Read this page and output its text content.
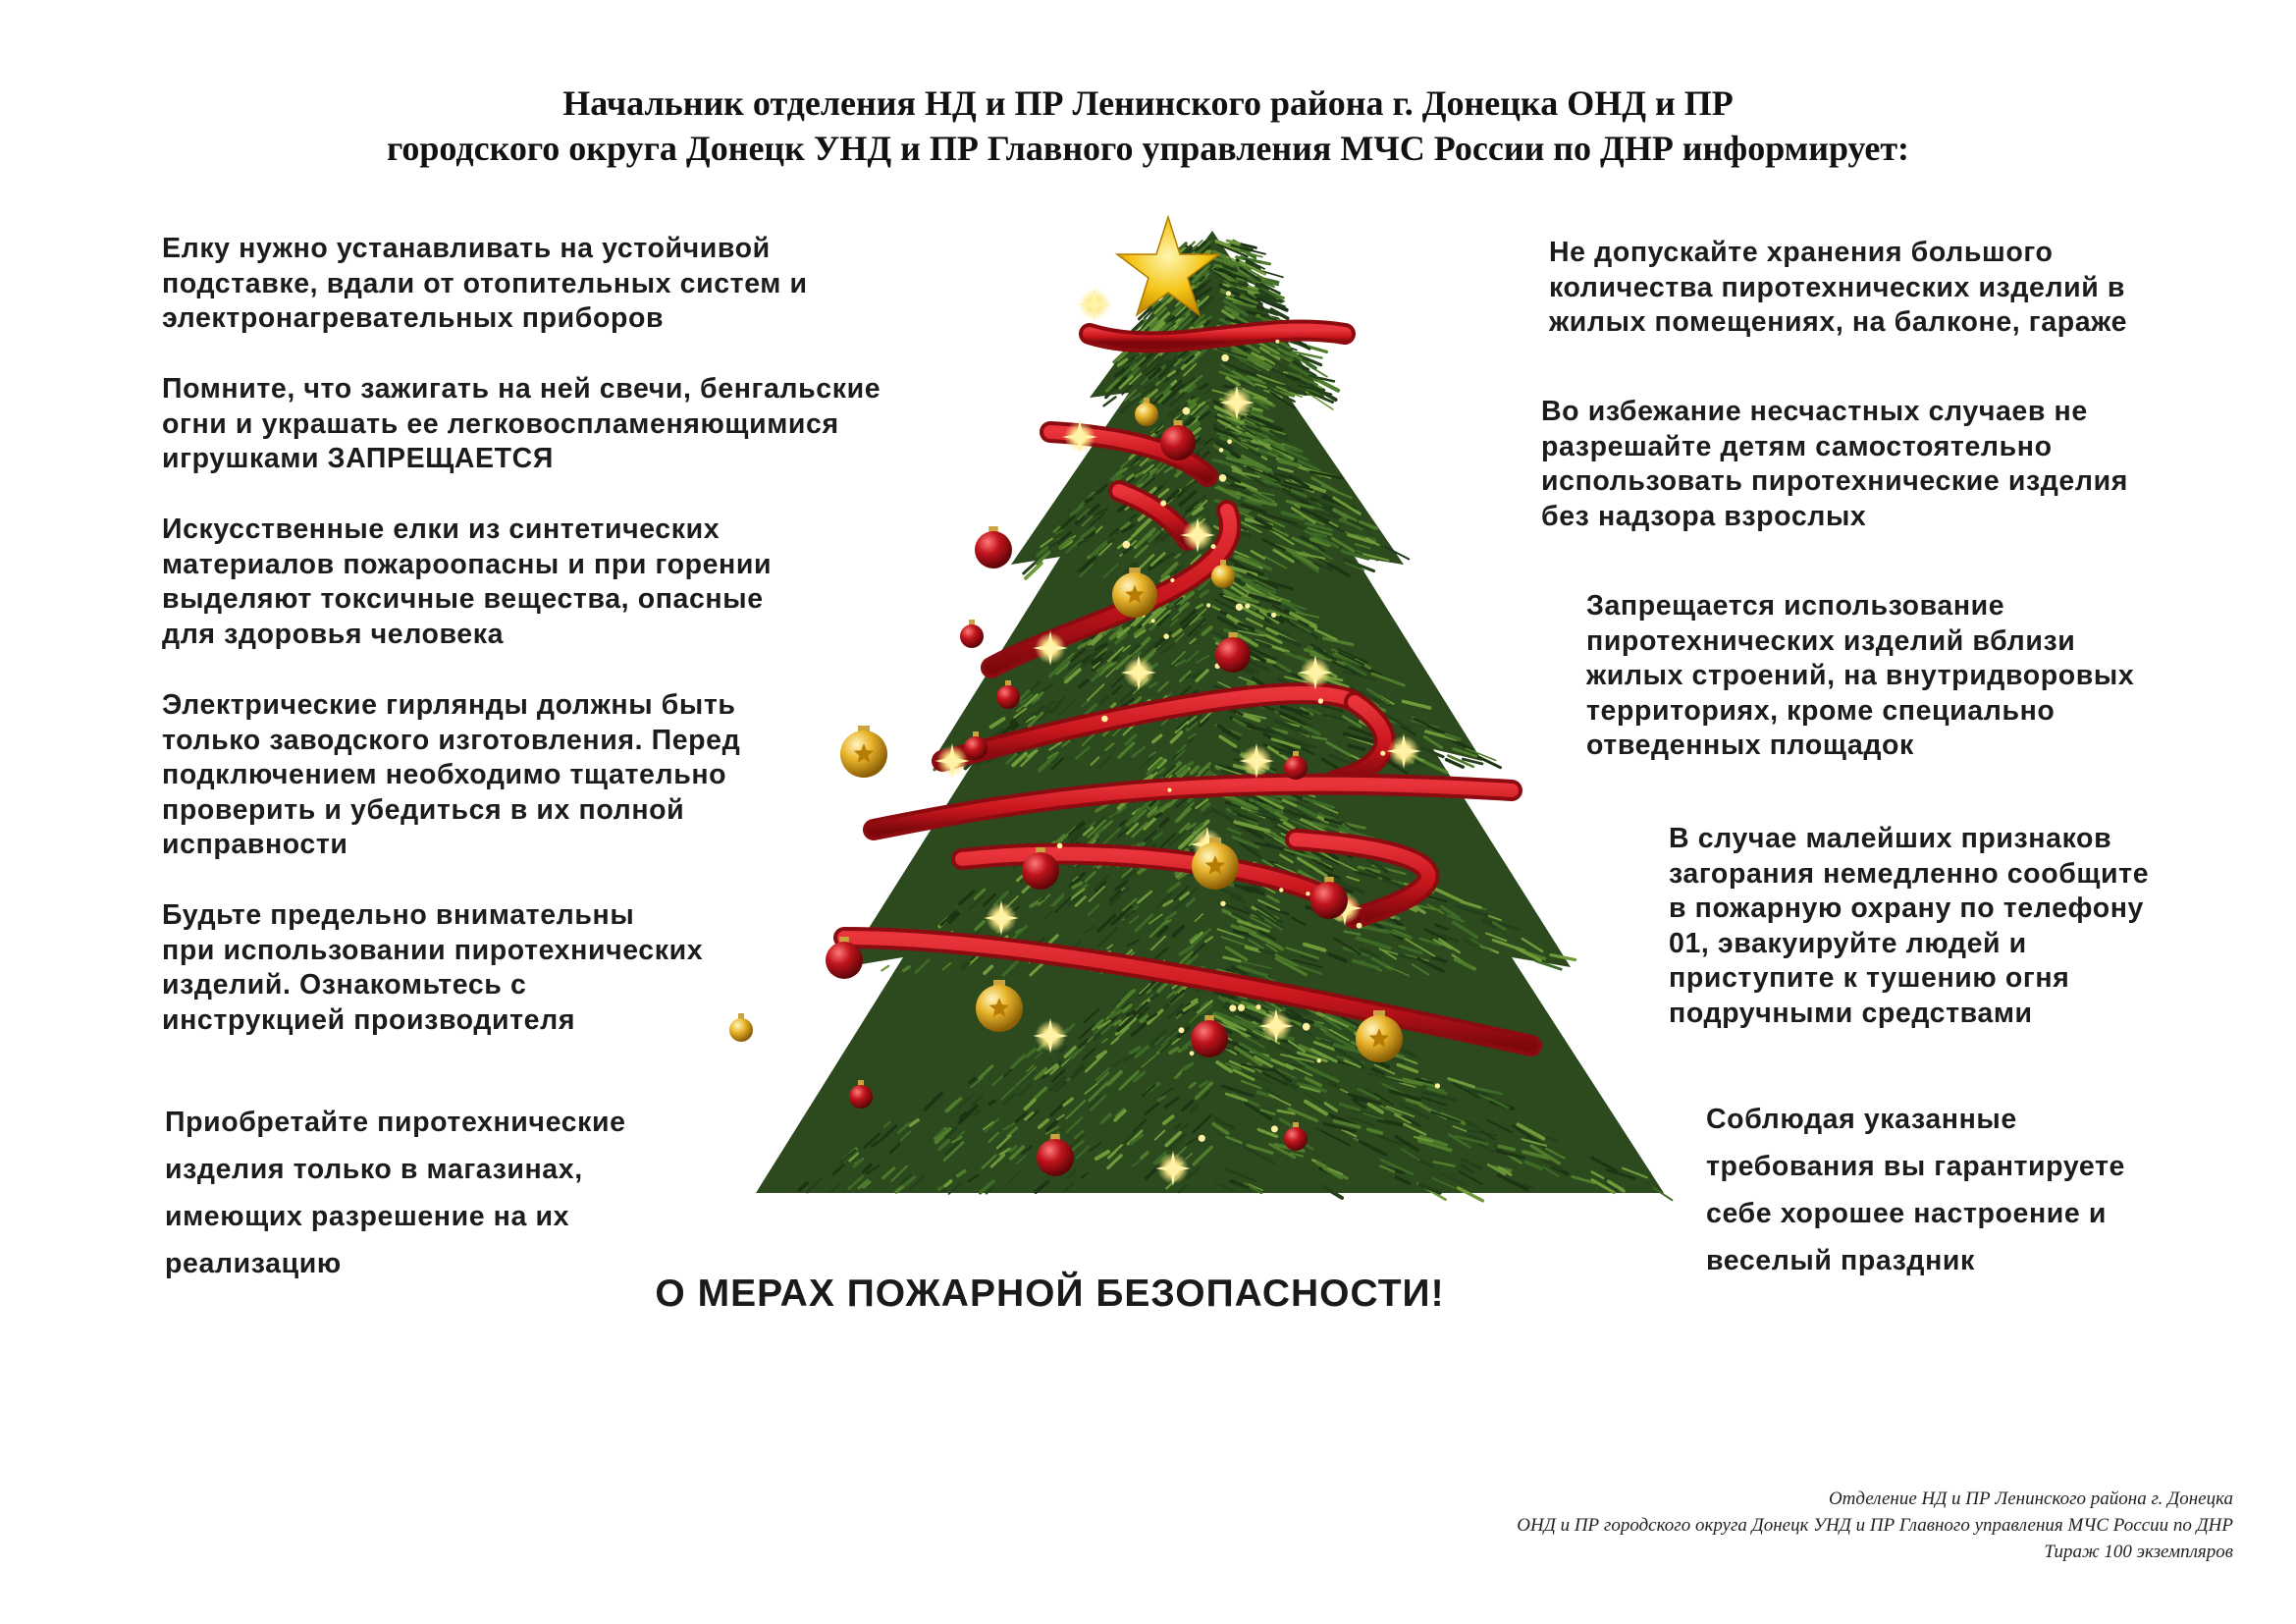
Начальник отделения НД и ПР Ленинского района г. Донецка ОНД и ПР
городского округа Донецк УНД и ПР Главного управления МЧС России по ДНР информирует:
Елку нужно устанавливать на устойчивой
подставке, вдали от отопительных систем и
электронагревательных приборов
Помните, что зажигать на ней свечи, бенгальские
огни и украшать ее легковоспламеняющимися
игрушками ЗАПРЕЩАЕТСЯ
Искусственные елки из синтетических
материалов пожароопасны и при горении
выделяют токсичные вещества, опасные
для здоровья человека
Электрические гирлянды должны быть
только заводского изготовления. Перед
подключением необходимо тщательно
проверить и убедиться в их полной
исправности
Будьте предельно внимательны
при использовании пиротехнических
изделий. Ознакомьтесь с
инструкцией производителя
Приобретайте пиротехнические
изделия только в магазинах,
имеющих разрешение на их
реализацию
Не допускайте хранения большого
количества пиротехнических изделий в
жилых помещениях, на балконе, гараже
Во избежание несчастных случаев не
разрешайте детям самостоятельно
использовать пиротехнические изделия
без надзора взрослых
Запрещается использование
пиротехнических изделий вблизи
жилых строений, на внутридворовых
территориях, кроме специально
отведенных площадок
В случае малейших признаков
загорания немедленно сообщите
в пожарную охрану по телефону
01, эвакуируйте людей и
приступите к тушению огня
подручными средствами
Соблюдая указанные
требования вы гарантируете
себе хорошее настроение и
веселый праздник
О МЕРАХ ПОЖАРНОЙ БЕЗОПАСНОСТИ!
Отделение НД и ПР Ленинского района г. Донецка
ОНД и ПР городского округа Донецк УНД и ПР Главного управления МЧС России по ДНР
Тираж 100 экземпляров
